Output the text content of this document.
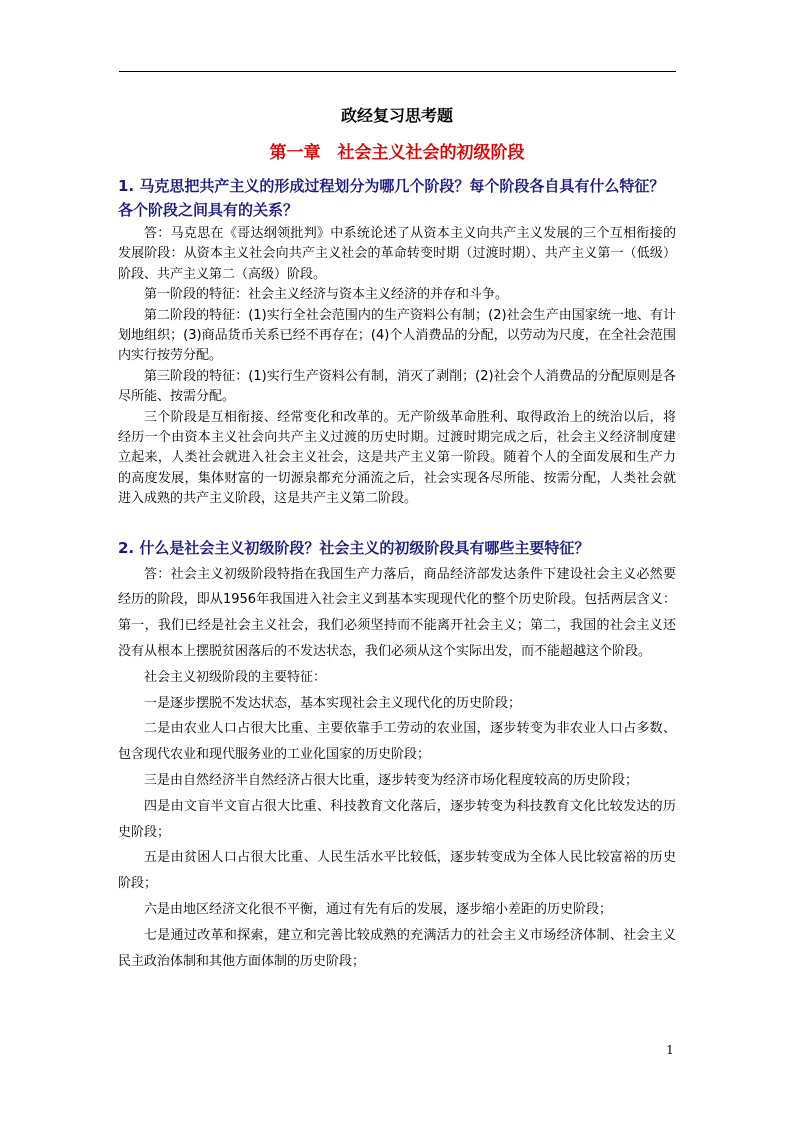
政经复习思考题
第一章　社会主义社会的初级阶段
1. 马克思把共产主义的形成过程划分为哪几个阶段？每个阶段各自具有什么特征？各个阶段之间具有的关系？

答：马克思在《哥达纲领批判》中系统论述了从资本主义向共产主义发展的三个互相衔接的发展阶段：从资本主义社会向共产主义社会的革命转变时期（过渡时期）、共产主义第一（低级）阶段、共产主义第二（高级）阶段。

第一阶段的特征：社会主义经济与资本主义经济的并存和斗争。

第二阶段的特征：(1)实行全社会范围内的生产资料公有制；(2)社会生产由国家统一地、有计划地组织；(3)商品货币关系已经不再存在；(4)个人消费品的分配，以劳动为尺度，在全社会范围内实行按劳分配。

第三阶段的特征：(1)实行生产资料公有制，消灭了剥削；(2)社会个人消费品的分配原则是各尽所能、按需分配。

三个阶段是互相衔接、经常变化和改革的。无产阶级革命胜利、取得政治上的统治以后，将经历一个由资本主义社会向共产主义过渡的历史时期。过渡时期完成之后，社会主义经济制度建立起来，人类社会就进入社会主义社会，这是共产主义第一阶段。随着个人的全面发展和生产力的高度发展，集体财富的一切源泉都充分涌流之后，社会实现各尽所能、按需分配，人类社会就进入成熟的共产主义阶段，这是共产主义第二阶段。

2. 什么是社会主义初级阶段？社会主义的初级阶段具有哪些主要特征？

答：社会主义初级阶段特指在我国生产力落后，商品经济部发达条件下建设社会主义必然要经历的阶段，即从1956年我国进入社会主义到基本实现现代化的整个历史阶段。包括两层含义：第一，我们已经是社会主义社会，我们必须坚持而不能离开社会主义；第二，我国的社会主义还没有从根本上摆脱贫困落后的不发达状态，我们必须从这个实际出发，而不能超越这个阶段。

社会主义初级阶段的主要特征：

一是逐步摆脱不发达状态，基本实现社会主义现代化的历史阶段；

二是由农业人口占很大比重、主要依靠手工劳动的农业国，逐步转变为非农业人口占多数、包含现代农业和现代服务业的工业化国家的历史阶段；

三是由自然经济半自然经济占很大比重，逐步转变为经济市场化程度较高的历史阶段；

四是由文盲半文盲占很大比重、科技教育文化落后，逐步转变为科技教育文化比较发达的历史阶段；

五是由贫困人口占很大比重、人民生活水平比较低，逐步转变成为全体人民比较富裕的历史阶段；

六是由地区经济文化很不平衡，通过有先有后的发展，逐步缩小差距的历史阶段；

七是通过改革和探索，建立和完善比较成熟的充满活力的社会主义市场经济体制、社会主义民主政治体制和其他方面体制的历史阶段；

1
